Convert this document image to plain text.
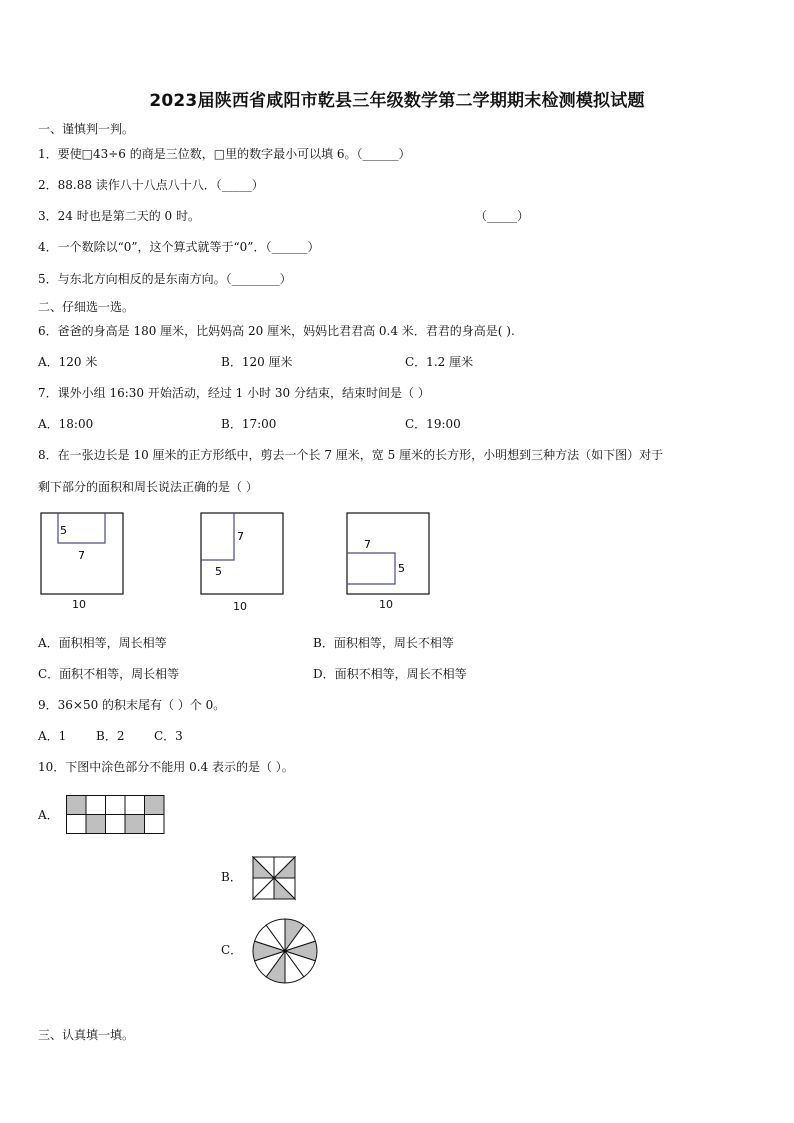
2023届陕西省咸阳市乾县三年级数学第二学期期末检测模拟试题
一、谨慎判一判。
1．要使□43÷6 的商是三位数，□里的数字最小可以填 6。（______）
2．88.88 读作八十八点八十八．（_____）
3．24 时也是第二天的 0 时。	（_____）
4．一个数除以“0”，这个算式就等于“0”．（______）
5．与东北方向相反的是东南方向。（________）
二、仔细选一选。
6．爸爸的身高是 180 厘米，比妈妈高 20 厘米，妈妈比君君高 0.4 米．君君的身高是( ).
A．120 米	B．120 厘米	C．1.2 厘米
7．课外小组 16:30 开始活动，经过 1 小时 30 分结束，结束时间是（ ）
A．18:00	B．17:00	C．19:00
8．在一张边长是 10 厘米的正方形纸中，剪去一个长 7 厘米，宽 5 厘米的长方形，小明想到三种方法（如下图）对于
剩下部分的面积和周长说法正确的是（ ）
5
7
10
7
5
10
7
5
10
A．面积相等，周长相等	B．面积相等，周长不相等
C．面积不相等，周长相等	D．面积不相等，周长不相等
9．36×50 的积末尾有（ ）个 0。
A．1 B．2 C．3
10．下图中涂色部分不能用 0.4 表示的是（ ）。
A．
B．
C．
三、认真填一填。
